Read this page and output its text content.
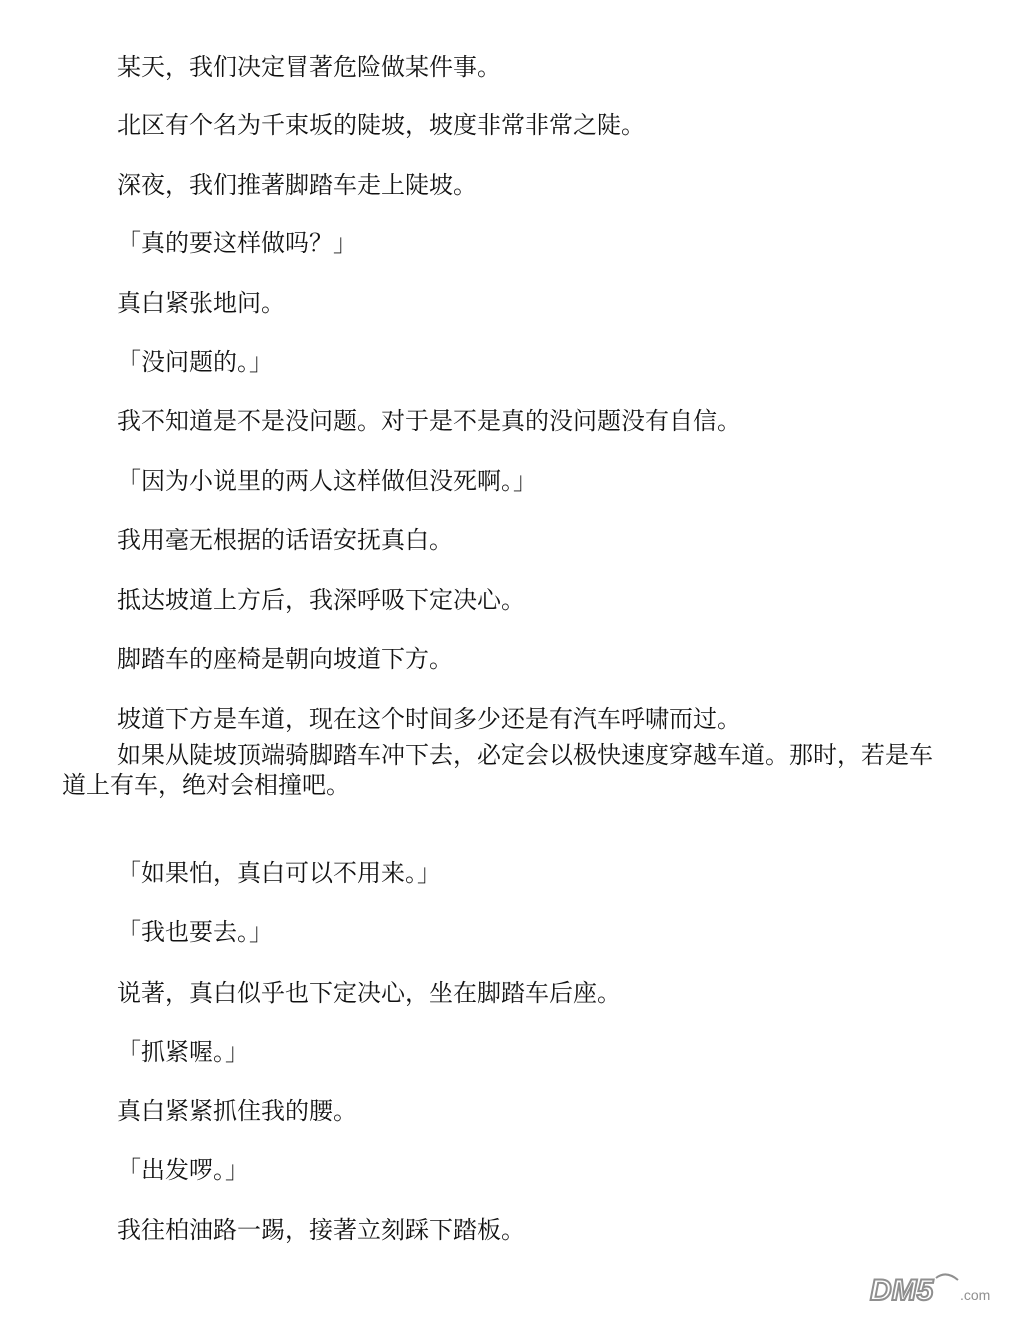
某天，我们决定冒著危险做某件事。
北区有个名为千束坂的陡坡，坡度非常非常之陡。
深夜，我们推著脚踏车走上陡坡。
「真的要这样做吗？」
真白紧张地问。
「没问题的。」
我不知道是不是没问题。对于是不是真的没问题没有自信。
「因为小说里的两人这样做但没死啊。」
我用毫无根据的话语安抚真白。
抵达坡道上方后，我深呼吸下定决心。
脚踏车的座椅是朝向坡道下方。
坡道下方是车道，现在这个时间多少还是有汽车呼啸而过。
如果从陡坡顶端骑脚踏车冲下去，必定会以极快速度穿越车道。那时，若是车道上有车，绝对会相撞吧。
「如果怕，真白可以不用来。」
「我也要去。」
说著，真白似乎也下定决心，坐在脚踏车后座。
「抓紧喔。」
真白紧紧抓住我的腰。
「出发啰。」
我往柏油路一踢，接著立刻踩下踏板。
DM5 .com
